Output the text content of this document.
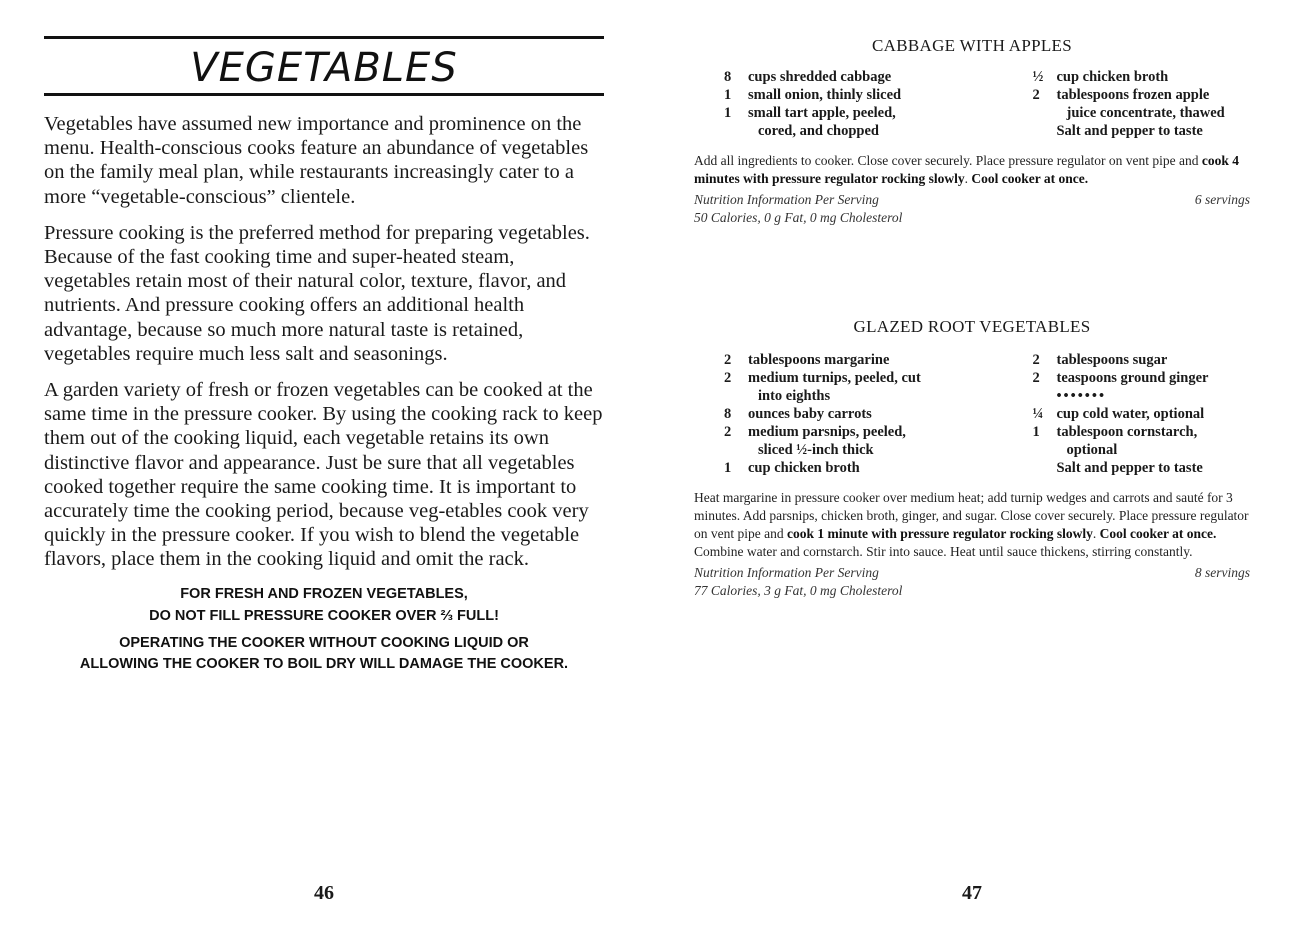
VEGETABLES

Vegetables have assumed new importance and prominence on the menu. Health-conscious cooks feature an abundance of vegetables on the family meal plan, while restaurants increasingly cater to a more “vegetable-conscious” clientele.

Pressure cooking is the preferred method for preparing vegetables. Because of the fast cooking time and super-heated steam, vegetables retain most of their natural color, texture, flavor, and nutrients. And pressure cooking offers an additional health advantage, because so much more natural taste is retained, vegetables require much less salt and seasonings.

A garden variety of fresh or frozen vegetables can be cooked at the same time in the pressure cooker. By using the cooking rack to keep them out of the cooking liquid, each vegetable retains its own distinctive flavor and appearance. Just be sure that all vegetables cooked together require the same cooking time. It is important to accurately time the cooking period, because veg-etables cook very quickly in the pressure cooker. If you wish to blend the vegetable flavors, place them in the cooking liquid and omit the rack.

FOR FRESH AND FROZEN VEGETABLES,
DO NOT FILL PRESSURE COOKER OVER ⅔ FULL!
OPERATING THE COOKER WITHOUT COOKING LIQUID OR
ALLOWING THE COOKER TO BOIL DRY WILL DAMAGE THE COOKER.
46
CABBAGE WITH APPLES
8	cups shredded cabbage
1	small onion, thinly sliced
1	small tart apple, peeled,
cored, and chopped
½ cup chicken broth
2	tablespoons frozen apple
juice concentrate, thawed
Salt and pepper to taste
Add all ingredients to cooker. Close cover securely. Place pressure regulator on vent pipe and cook 4 minutes with pressure regulator rocking slowly. Cool cooker at once.
Nutrition Information Per Serving	6 servings
50 Calories, 0 g Fat, 0 mg Cholesterol
GLAZED ROOT VEGETABLES
2	tablespoons margarine
2	medium turnips, peeled, cut
into eighths
8	ounces baby carrots
2	medium parsnips, peeled,
sliced ½-inch thick
1	cup chicken broth
2	tablespoons sugar
2	teaspoons ground ginger
•••••••
¼ cup cold water, optional
1	tablespoon cornstarch,
optional
Salt and pepper to taste
Heat margarine in pressure cooker over medium heat; add turnip wedges and carrots and sauté for 3 minutes. Add parsnips, chicken broth, ginger, and sugar. Close cover securely. Place pressure regulator on vent pipe and cook 1 minute with pressure regulator rocking slowly. Cool cooker at once. Combine water and cornstarch. Stir into sauce. Heat until sauce thickens, stirring constantly.
Nutrition Information Per Serving	8 servings
77 Calories, 3 g Fat, 0 mg Cholesterol
47
